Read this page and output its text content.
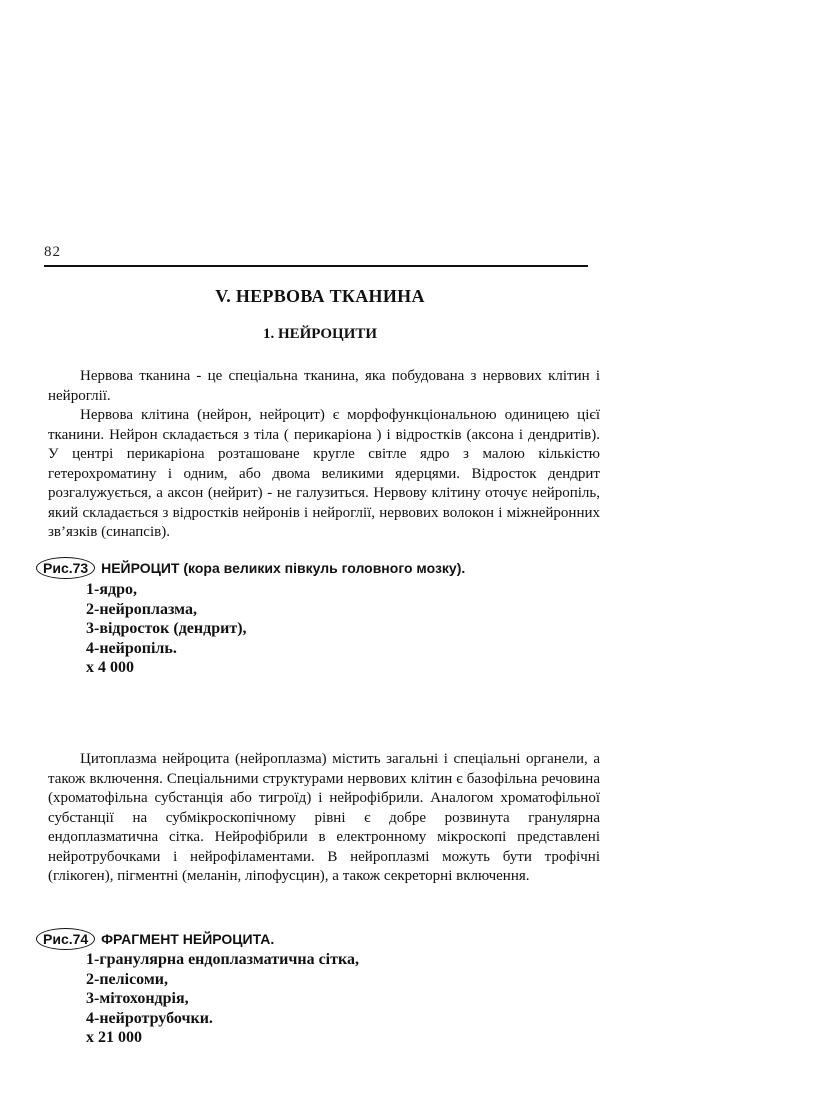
82
V. НЕРВОВА ТКАНИНА
1. НЕЙРОЦИТИ

Нервова тканина - це спеціальна тканина, яка побудована з нервових клітин і нейроглії.

Нервова клітина (нейрон, нейроцит) є морфофункціональною одиницею цієї тканини. Нейрон складається з тіла ( перикаріона ) і відростків (аксона і дендритів). У центрі перикаріона розташоване кругле світле ядро з малою кількістю гетерохроматину і одним, або двома великими ядерцями. Відросток дендрит розгалужується, а аксон (нейрит) - не галузиться. Нервову клітину оточує нейропіль, який складається з відростків нейронів і нейроглії, нервових волокон і міжнейронних зв’язків (синапсів).

Рис.73 НЕЙРОЦИТ (кора великих півкуль головного мозку).
1-ядро,
2-нейроплазма,
3-відросток (дендрит),
4-нейропіль.
х 4 000

Цитоплазма нейроцита (нейроплазма) містить загальні і спеціальні органели, а також включення. Спеціальними структурами нервових клітин є базофільна речовина (хроматофільна субстанція або тигроїд) і нейрофібрили. Аналогом хроматофільної субстанції на субмікроскопічному рівні є добре розвинута гранулярна ендоплазматична сітка. Нейрофібрили в електронному мікроскопі представлені нейротрубочками і нейрофіламентами. В нейроплазмі можуть бути трофічні (глікоген), пігментні (меланін, ліпофусцин), а також секреторні включення.

Рис.74 ФРАГМЕНТ НЕЙРОЦИТА.
1-гранулярна ендоплазматична сітка,
2-пелісоми,
3-мітохондрія,
4-нейротрубочки.
х 21 000
